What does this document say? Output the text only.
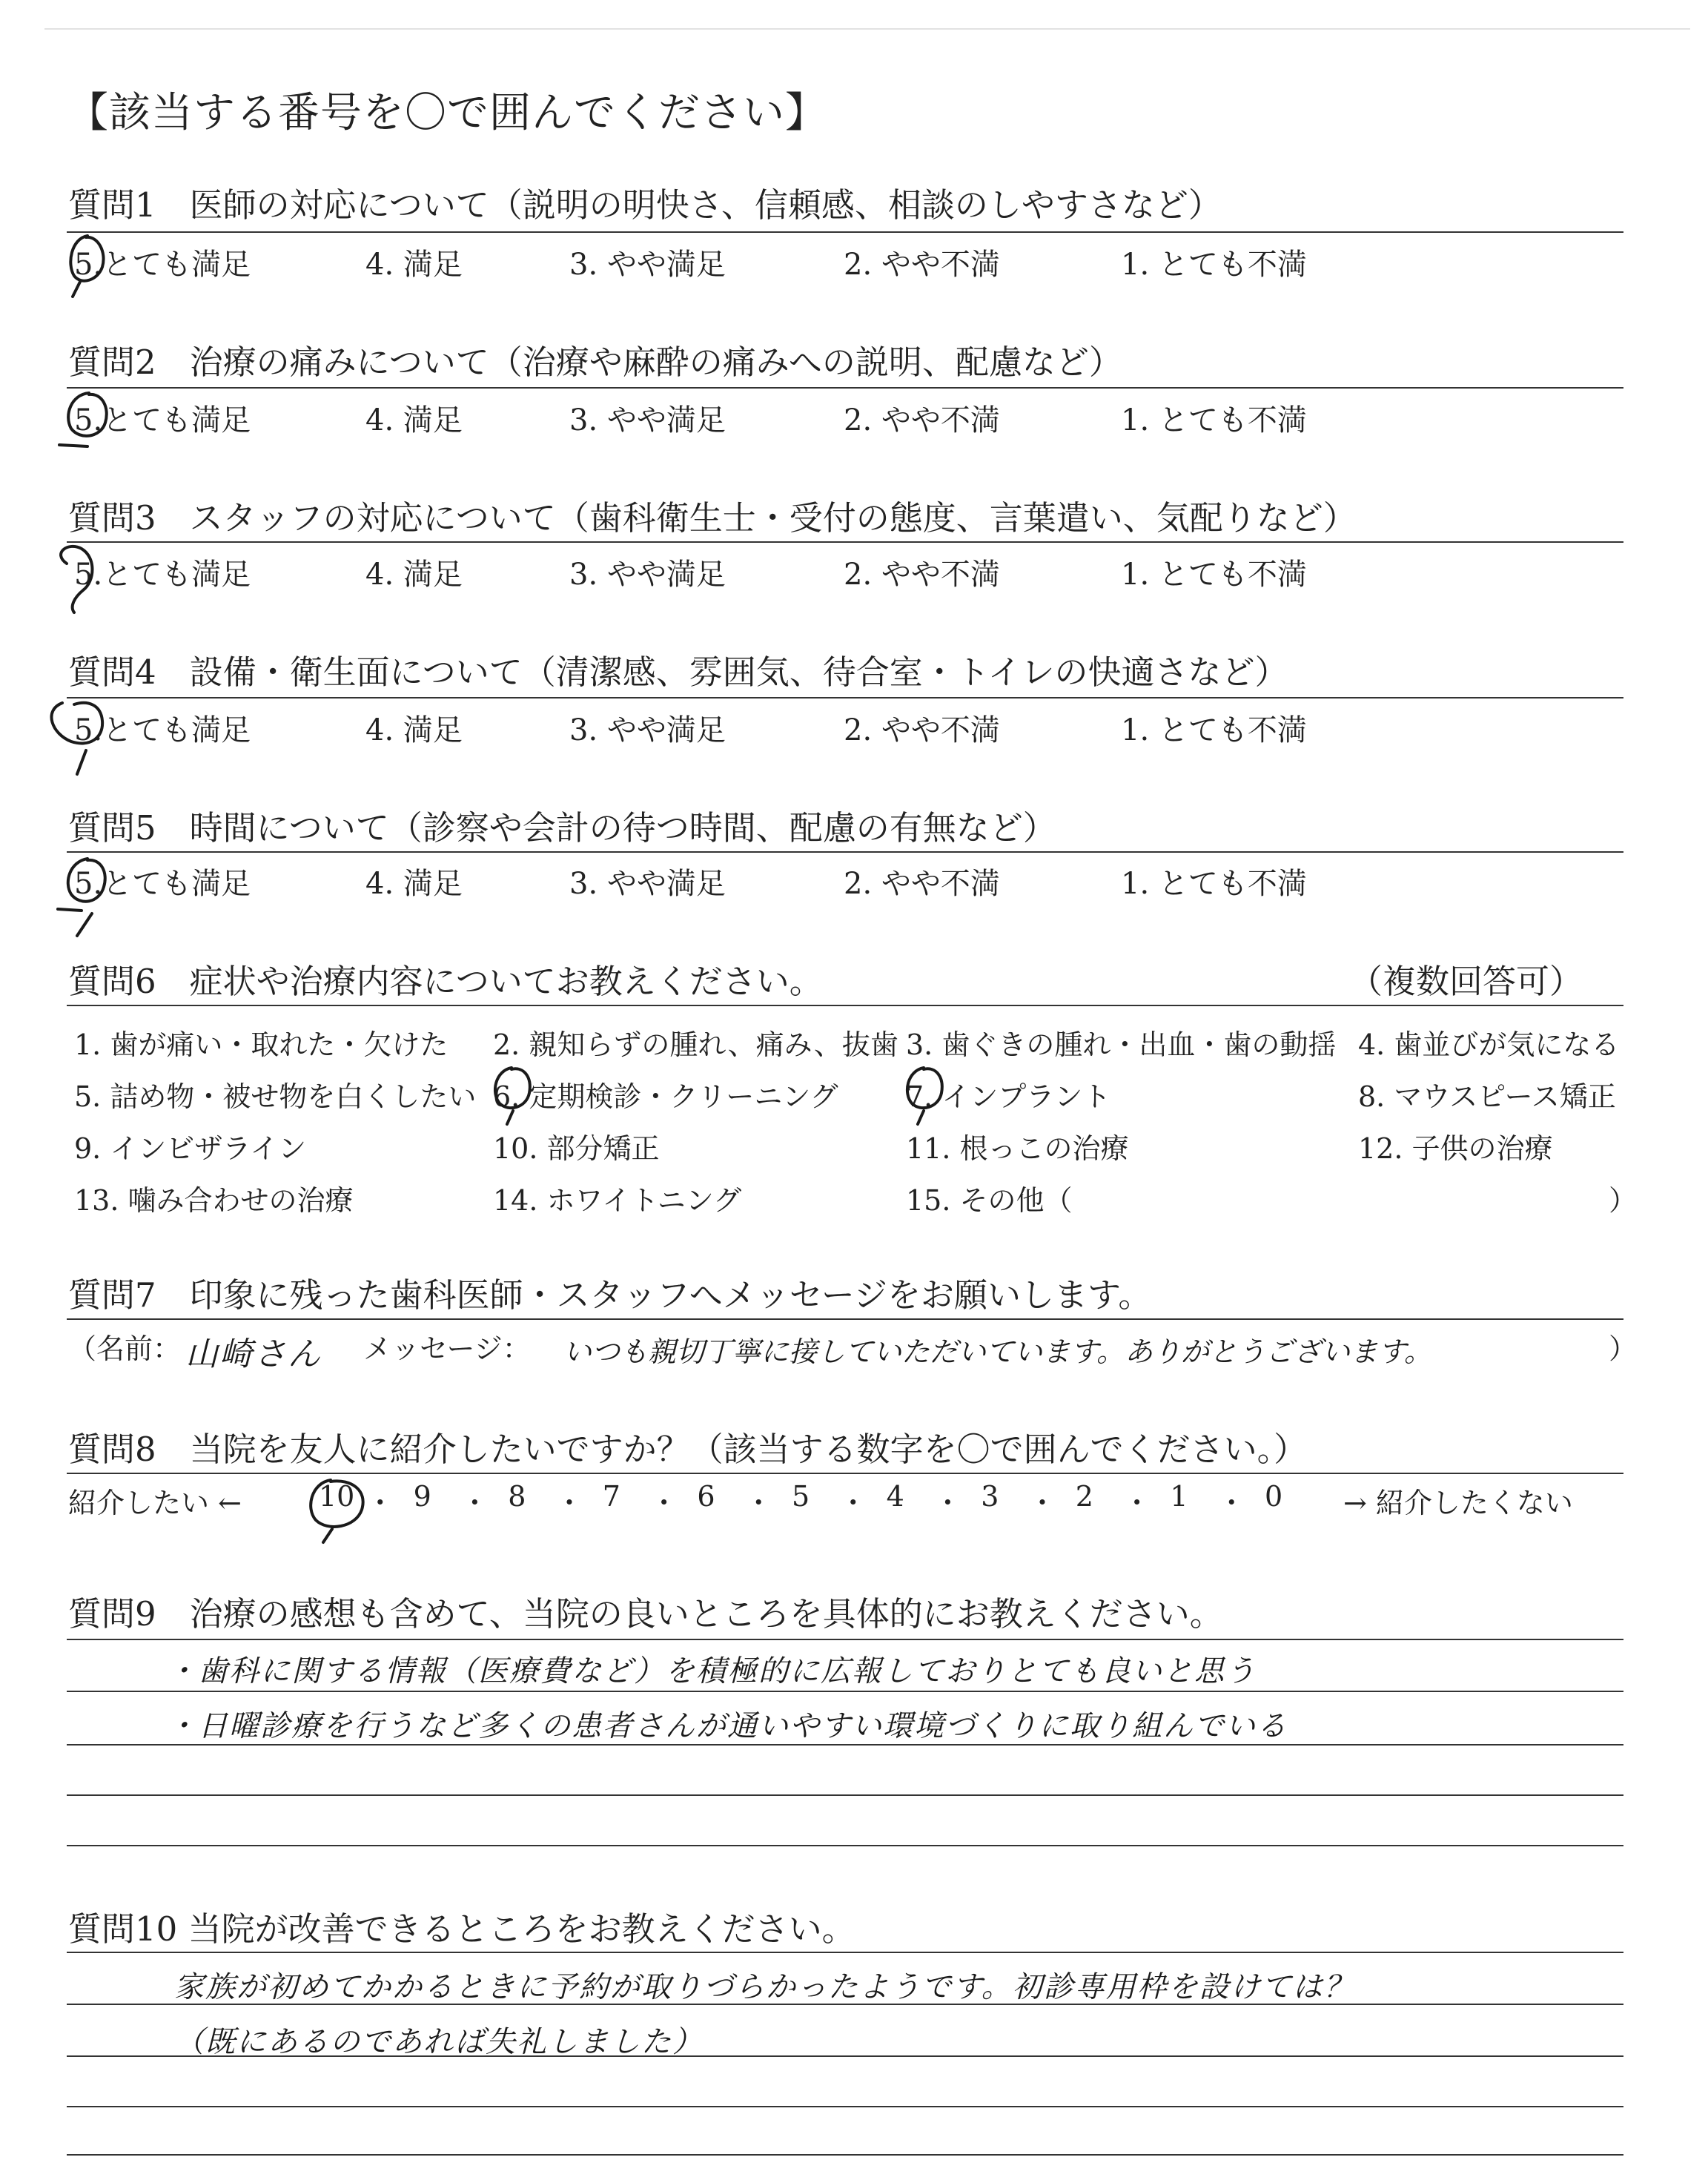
【該当する番号を〇で囲んでください】
質問1　医師の対応について（説明の明快さ、信頼感、相談のしやすさなど）
5.とても満足	4. 満足	3. やや満足	2. やや不満	1. とても不満
質問2　治療の痛みについて（治療や麻酔の痛みへの説明、配慮など）
5.とても満足	4. 満足	3. やや満足	2. やや不満	1. とても不満
質問3　スタッフの対応について（歯科衛生士・受付の態度、言葉遣い、気配りなど）
5.とても満足	4. 満足	3. やや満足	2. やや不満	1. とても不満
質問4　設備・衛生面について（清潔感、雰囲気、待合室・トイレの快適さなど）
5.とても満足	4. 満足	3. やや満足	2. やや不満	1. とても不満
質問5　時間について（診察や会計の待つ時間、配慮の有無など）
5.とても満足	4. 満足	3. やや満足	2. やや不満	1. とても不満
質問6　症状や治療内容についてお教えください。	（複数回答可）
1. 歯が痛い・取れた・欠けた 2. 親知らずの腫れ、痛み、抜歯 3. 歯ぐきの腫れ・出血・歯の動揺 4. 歯並びが気になる
5. 詰め物・被せ物を白くしたい 6. 定期検診・クリーニング 7. インプラント	8. マウスピース矯正
9. インビザライン	10. 部分矯正	11. 根っこの治療	12. 子供の治療
13. 噛み合わせの治療	14. ホワイトニング	15. その他（	）
質問7　印象に残った歯科医師・スタッフへメッセージをお願いします。
（名前： 山崎さん メッセージ： いつも親切丁寧に接していただいています。ありがとうございます。	）
質問8　当院を友人に紹介したいですか？（該当する数字を〇で囲んでください。）
紹介したい ←	10 ・ 9 ・ 8 ・ 7 ・ 6 ・ 5 ・ 4 ・ 3 ・ 2 ・ 1 ・ 0 → 紹介したくない
質問9　治療の感想も含めて、当院の良いところを具体的にお教えください。
・歯科に関する情報（医療費など）を積極的に広報しておりとても良いと思う
・日曜診療を行うなど多くの患者さんが通いやすい環境づくりに取り組んでいる
質問10 当院が改善できるところをお教えください。
家族が初めてかかるときに予約が取りづらかったようです。初診専用枠を設けては？
（既にあるのであれば失礼しました）
